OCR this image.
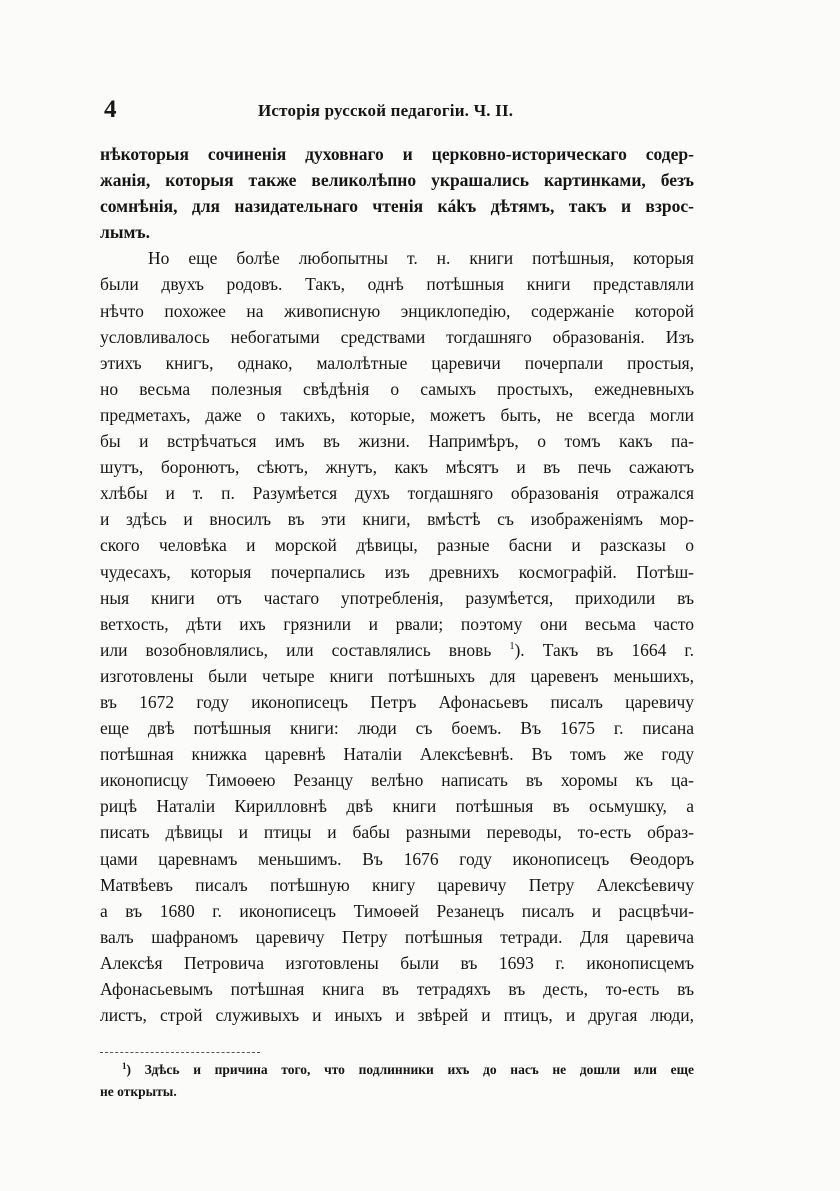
4	Исторія русской педагогіи. Ч. II.
нѣкоторыя сочиненія духовнаго и церковно-историческаго содер-
жанія, которыя также великолѣпно украшались картинками, безъ
сомнѣнія, для назидательнаго чтенія кákъ дѣтямъ, такъ и взрос-
лымъ.
Но еще болѣе любопытны т. н. книги потѣшныя, которыя
были двухъ родовъ. Такъ, однѣ потѣшныя книги представляли
нѣчто похожее на живописную энциклопедію, содержаніе которой
условливалось небогатыми средствами тогдашняго образованія. Изъ
этихъ книгъ, однако, малолѣтные царевичи почерпали простыя,
но весьма полезныя свѣдѣнія о самыхъ простыхъ, ежедневныхъ
предметахъ, даже о такихъ, которые, можетъ быть, не всегда могли
бы и встрѣчаться имъ въ жизни. Напримѣръ, о томъ какъ па-
шутъ, боронютъ, сѣютъ, жнутъ, какъ мѣсятъ и въ печь сажаютъ
хлѣбы и т. п. Разумѣется духъ тогдашняго образованія отражался
и здѣсь и вносилъ въ эти книги, вмѣстѣ съ изображеніямъ мор-
ского человѣка и морской дѣвицы, разные басни и разсказы о
чудесахъ, которыя почерпались изъ древнихъ космографій. Потѣш-
ныя книги отъ частаго употребленія, разумѣется, приходили въ
ветхость, дѣти ихъ грязнили и рвали; поэтому они весьма часто
или возобновлялись, или составлялись вновь $^1$). Такъ въ 1664 г.
изготовлены были четыре книги потѣшныхъ для царевенъ меньшихъ,
въ 1672 году иконописецъ Петръ Афонасьевъ писалъ царевичу
еще двѣ потѣшныя книги: люди съ боемъ. Въ 1675 г. писана
потѣшная книжка царевнѣ Наталіи Алексѣевнѣ. Въ томъ же году
иконописцу Тимоѳею Резанцу велѣно написать въ хоромы къ ца-
рицѣ Наталіи Кирилловнѣ двѣ книги потѣшныя въ осьмушку, а
писать дѣвицы и птицы и бабы разными переводы, то-есть образ-
цами царевнамъ меньшимъ. Въ 1676 году иконописецъ Ѳеодоръ
Матвѣевъ писалъ потѣшную книгу царевичу Петру Алексѣевичу
а въ 1680 г. иконописецъ Тимоѳей Резанецъ писалъ и расцвѣчи-
валъ шафраномъ царевичу Петру потѣшныя тетради. Для царевича
Алексѣя Петровича изготовлены были въ 1693 г. иконописцемъ
Афонасьевымъ потѣшная книга въ тетрадяхъ въ десть, то-есть въ
листъ, строй служивыхъ и иныхъ и звѣрей и птицъ, и другая люди,
$^1$) Здѣсь и причина того, что подлинники ихъ до насъ не дошли или еще
не открыты.
